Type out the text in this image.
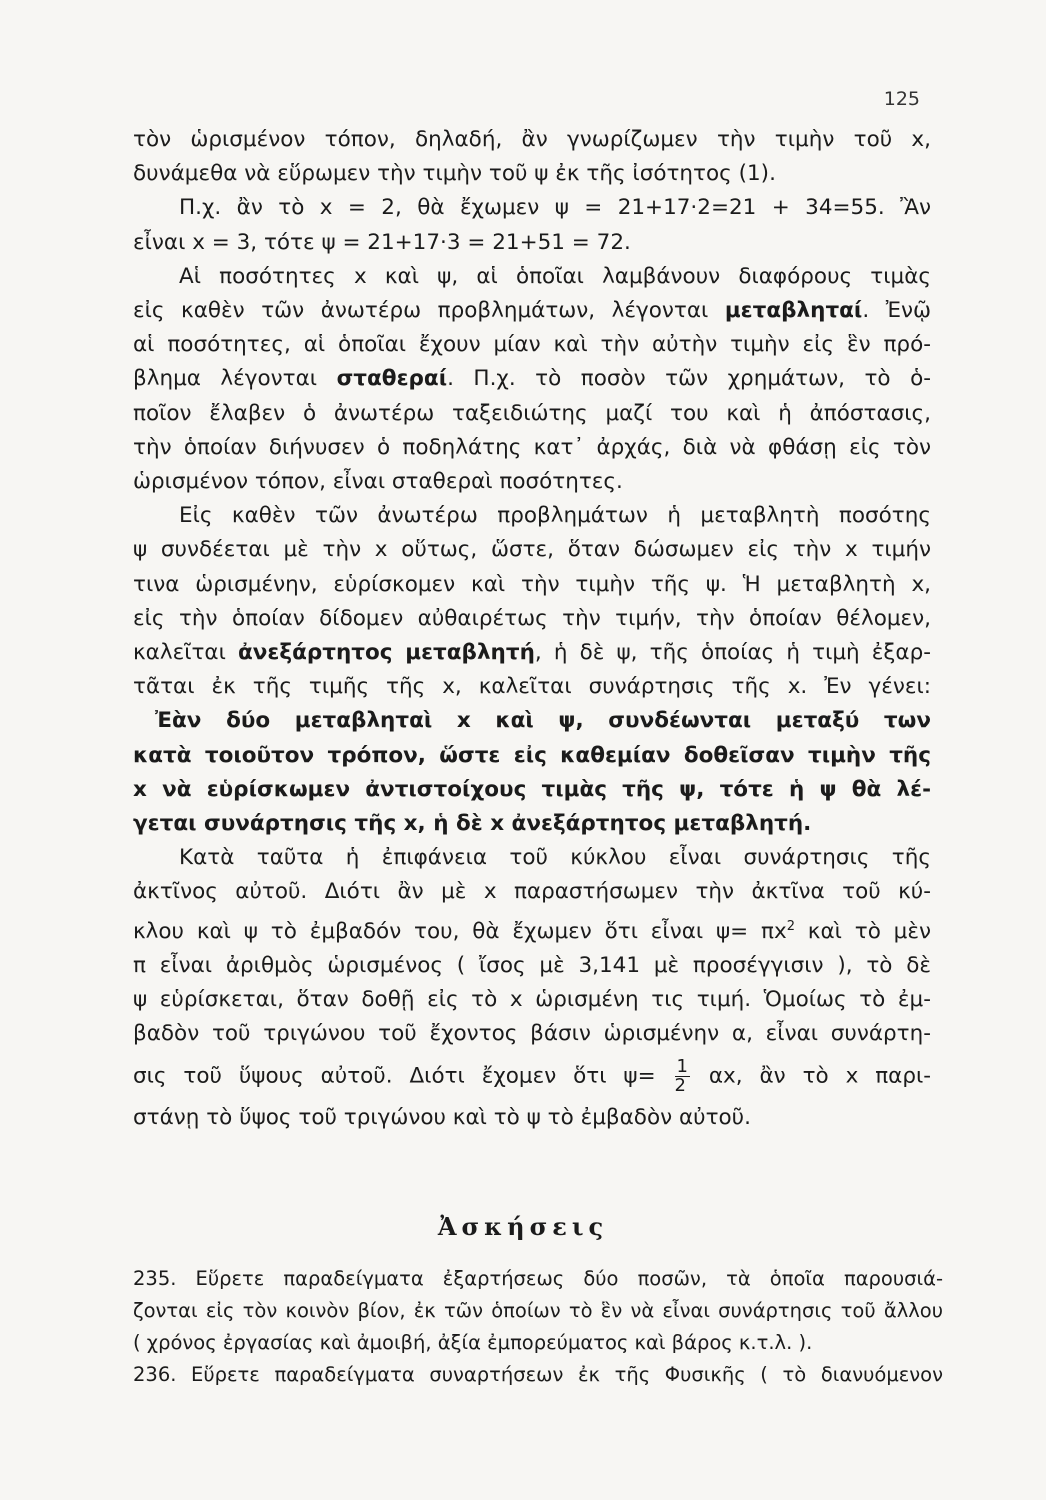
125
τὸν ὡρισμένον τόπον, δηλαδή, ἂν γνωρίζωμεν τὴν τιμὴν τοῦ x,
δυνάμεθα νὰ εὕρωμεν τὴν τιμὴν τοῦ ψ ἐκ τῆς ἰσότητος (1).
Π.χ. ἂν τὸ x = 2, θὰ ἔχωμεν ψ = 21+17·2=21 + 34=55. Ἂν
εἶναι x = 3, τότε ψ = 21+17·3 = 21+51 = 72.
Αἱ ποσότητες x καὶ ψ, αἱ ὁποῖαι λαμβάνουν διαφόρους τιμὰς
εἰς καθὲν τῶν ἀνωτέρω προβλημάτων, λέγονται μεταβληταί. Ἐνῷ
αἱ ποσότητες, αἱ ὁποῖαι ἔχουν μίαν καὶ τὴν αὐτὴν τιμὴν εἰς ἓν πρό-
βλημα λέγονται σταθεραί. Π.χ. τὸ ποσὸν τῶν χρημάτων, τὸ ὁ-
ποῖον ἔλαβεν ὁ ἀνωτέρω ταξειδιώτης μαζί του καὶ ἡ ἀπόστασις,
τὴν ὁποίαν διήνυσεν ὁ ποδηλάτης κατ᾿ ἀρχάς, διὰ νὰ φθάσῃ εἰς τὸν
ὡρισμένον τόπον, εἶναι σταθεραὶ ποσότητες.
Εἰς καθὲν τῶν ἀνωτέρω προβλημάτων ἡ μεταβλητὴ ποσότης
ψ συνδέεται μὲ τὴν x οὕτως, ὥστε, ὅταν δώσωμεν εἰς τὴν x τιμήν
τινα ὡρισμένην, εὑρίσκομεν καὶ τὴν τιμὴν τῆς ψ. Ἡ μεταβλητὴ x,
εἰς τὴν ὁποίαν δίδομεν αὐθαιρέτως τὴν τιμήν, τὴν ὁποίαν θέλομεν,
καλεῖται ἀνεξάρτητος μεταβλητή, ἡ δὲ ψ, τῆς ὁποίας ἡ τιμὴ ἐξαρ-
τᾶται ἐκ τῆς τιμῆς τῆς x, καλεῖται συνάρτησις τῆς x. Ἐν γένει:
Ἐὰν δύο μεταβληταὶ x καὶ ψ, συνδέωνται μεταξύ των
κατὰ τοιοῦτον τρόπον, ὥστε εἰς καθεμίαν δοθεῖσαν τιμὴν τῆς
x νὰ εὑρίσκωμεν ἀντιστοίχους τιμὰς τῆς ψ, τότε ἡ ψ θὰ λέ-
γεται συνάρτησις τῆς x, ἡ δὲ x ἀνεξάρτητος μεταβλητή.
Κατὰ ταῦτα ἡ ἐπιφάνεια τοῦ κύκλου εἶναι συνάρτησις τῆς
ἀκτῖνος αὐτοῦ. Διότι ἂν μὲ x παραστήσωμεν τὴν ἀκτῖνα τοῦ κύ-
κλου καὶ ψ τὸ ἐμβαδόν του, θὰ ἔχωμεν ὅτι εἶναι $\psi= \pi x^2$ καὶ τὸ μὲν
π εἶναι ἀριθμὸς ὡρισμένος ( ἴσος μὲ 3,141 μὲ προσέγγισιν ), τὸ δὲ
ψ εὑρίσκεται, ὅταν δοθῇ εἰς τὸ x ὡρισμένη τις τιμή. Ὁμοίως τὸ ἐμ-
βαδὸν τοῦ τριγώνου τοῦ ἔχοντος βάσιν ὡρισμένην α, εἶναι συνάρτη-
σις τοῦ ὕψους αὐτοῦ. Διότι ἔχομεν ὅτι $\psi= \frac{1}{2} \alpha x$, ἂν τὸ x παρι-
στάνῃ τὸ ὕψος τοῦ τριγώνου καὶ τὸ ψ τὸ ἐμβαδὸν αὐτοῦ.
Ἀσκήσεις
235. Εὕρετε παραδείγματα ἐξαρτήσεως δύο ποσῶν, τὰ ὁποῖα παρουσιά-
ζονται εἰς τὸν κοινὸν βίον, ἐκ τῶν ὁποίων τὸ ἓν νὰ εἶναι συνάρτησις τοῦ ἄλλου
( χρόνος ἐργασίας καὶ ἀμοιβή, ἀξία ἐμπορεύματος καὶ βάρος κ.τ.λ. ).
236. Εὕρετε παραδείγματα συναρτήσεων ἐκ τῆς Φυσικῆς ( τὸ διανυόμενον
